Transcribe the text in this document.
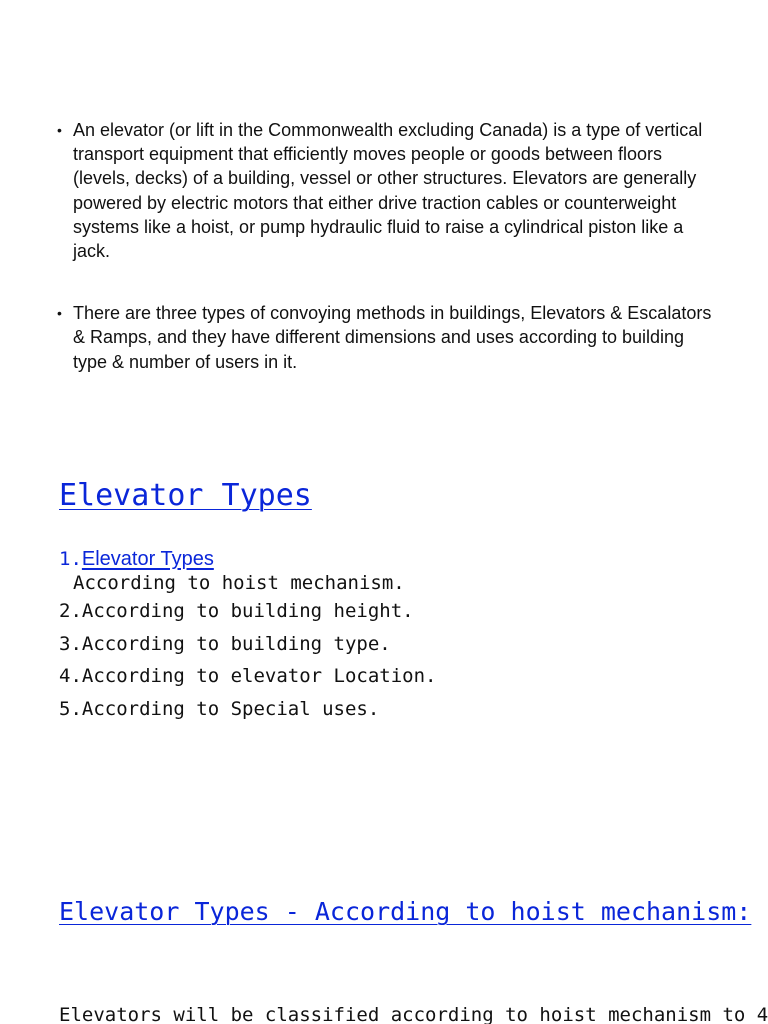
• An elevator (or lift in the Commonwealth excluding Canada) is a type of vertical transport equipment that efficiently moves people or goods between floors (levels, decks) of a building, vessel or other structures. Elevators are generally powered by electric motors that either drive traction cables or counterweight systems like a hoist, or pump hydraulic fluid to raise a cylindrical piston like a jack.
• There are three types of convoying methods in buildings, Elevators & Escalators & Ramps, and they have different dimensions and uses according to building type & number of users in it.
Elevator Types
1.Elevator Types
According to hoist mechanism.
2.According to building height.
3.According to building type.
4.According to elevator Location.
5.According to Special uses.
Elevator Types - According to hoist mechanism:
Elevators will be classified according to hoist mechanism to 4
